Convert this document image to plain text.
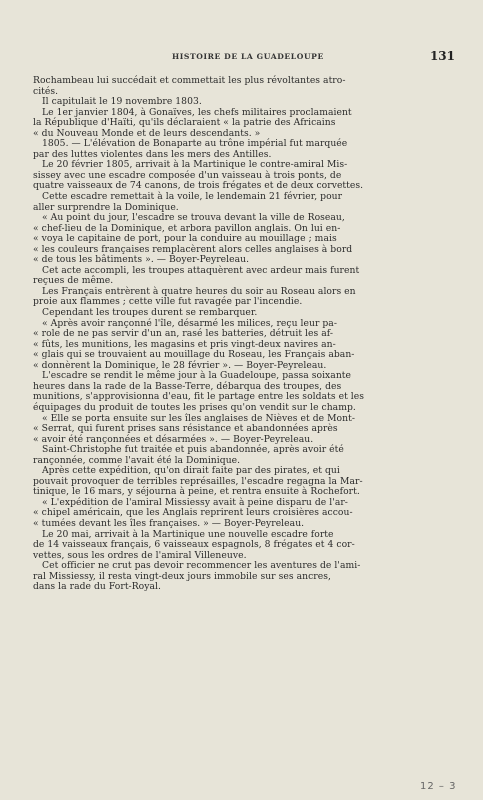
HISTOIRE DE LA GUADELOUPE	131
Rochambeau lui succédait et commettait les plus révoltantes atro-
cités.
Il capitulait le 19 novembre 1803.
Le 1er janvier 1804, à Gonaïves, les chefs militaires proclamaient
la République d'Haïti, qu'ils déclaraient « la patrie des Africains
« du Nouveau Monde et de leurs descendants. »
1805. — L'élévation de Bonaparte au trône impérial fut marquée
par des luttes violentes dans les mers des Antilles.
Le 20 février 1805, arrivait à la Martinique le contre-amiral Mis-
sissey avec une escadre composée d'un vaisseau à trois ponts, de
quatre vaisseaux de 74 canons, de trois frégates et de deux corvettes.
Cette escadre remettait à la voile, le lendemain 21 février, pour
aller surprendre la Dominique.
« Au point du jour, l'escadre se trouva devant la ville de Roseau,
« chef-lieu de la Dominique, et arbora pavillon anglais. On lui en-
« voya le capitaine de port, pour la conduire au mouillage ; mais
« les couleurs françaises remplacèrent alors celles anglaises à bord
« de tous les bâtiments ». — Boyer-Peyreleau.
Cet acte accompli, les troupes attaquèrent avec ardeur mais furent
reçues de même.
Les Français entrèrent à quatre heures du soir au Roseau alors en
proie aux flammes ; cette ville fut ravagée par l'incendie.
Cependant les troupes durent se rembarquer.
« Après avoir rançonné l'île, désarmé les milices, reçu leur pa-
« role de ne pas servir d'un an, rasé les batteries, détruit les af-
« fûts, les munitions, les magasins et pris vingt-deux navires an-
« glais qui se trouvaient au mouillage du Roseau, les Français aban-
« donnèrent la Dominique, le 28 février ». — Boyer-Peyreleau.
L'escadre se rendit le même jour à la Guadeloupe, passa soixante
heures dans la rade de la Basse-Terre, débarqua des troupes, des
munitions, s'approvisionna d'eau, fit le partage entre les soldats et les
équipages du produit de toutes les prises qu'on vendit sur le champ.
« Elle se porta ensuite sur les îles anglaises de Nièves et de Mont-
« Serrat, qui furent prises sans résistance et abandonnées après
« avoir été rançonnées et désarmées ». — Boyer-Peyreleau.
Saint-Christophe fut traitée et puis abandonnée, après avoir été
rançonnée, comme l'avait été la Dominique.
Après cette expédition, qu'on dirait faite par des pirates, et qui
pouvait provoquer de terribles représailles, l'escadre regagna la Mar-
tinique, le 16 mars, y séjourna à peine, et rentra ensuite à Rochefort.
« L'expédition de l'amiral Missiessy avait à peine disparu de l'ar-
« chipel américain, que les Anglais reprirent leurs croisières accou-
« tumées devant les îles françaises. » — Boyer-Peyreleau.
Le 20 mai, arrivait à la Martinique une nouvelle escadre forte
de 14 vaisseaux français, 6 vaisseaux espagnols, 8 frégates et 4 cor-
vettes, sous les ordres de l'amiral Villeneuve.
Cet officier ne crut pas devoir recommencer les aventures de l'ami-
ral Missiessy, il resta vingt-deux jours immobile sur ses ancres,
dans la rade du Fort-Royal.
12 – 3
